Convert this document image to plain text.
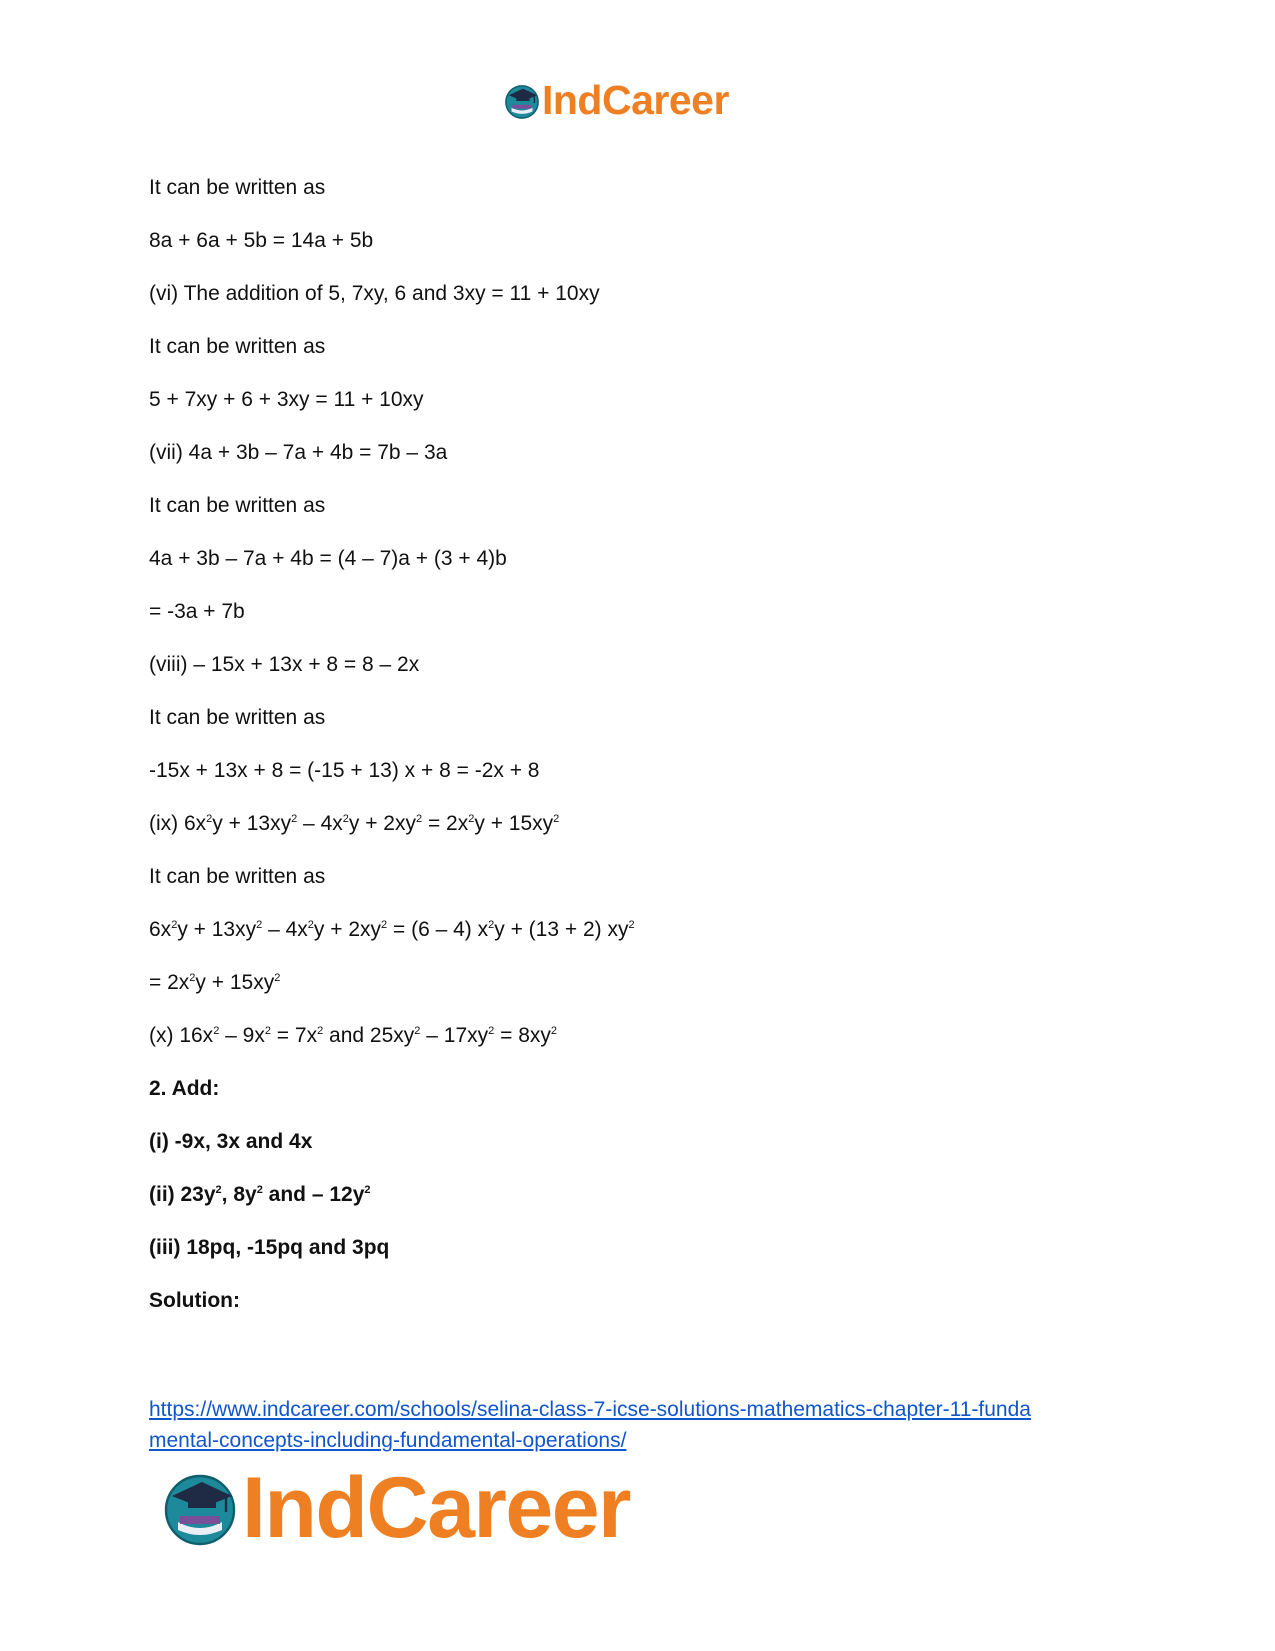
IndCareer
It can be written as
8a + 6a + 5b = 14a + 5b
(vi) The addition of 5, 7xy, 6 and 3xy = 11 + 10xy
It can be written as
5 + 7xy + 6 + 3xy = 11 + 10xy
(vii) 4a + 3b – 7a + 4b = 7b – 3a
It can be written as
4a + 3b – 7a + 4b = (4 – 7)a + (3 + 4)b
= -3a + 7b
(viii) – 15x + 13x + 8 = 8 – 2x
It can be written as
-15x + 13x + 8 = (-15 + 13) x + 8 = -2x + 8
(ix) $6x^2y + 13xy^2 - 4x^2y + 2xy^2 = 2x^2y + 15xy^2$
It can be written as
$6x^2y + 13xy^2 - 4x^2y + 2xy^2 = (6 - 4) x^2y + (13 + 2)$ $xy^2$
= $2x^2y + 15xy^2$
(x) $16x^2 - 9x^2 = 7x^2$ and $25xy^2 - 17xy^2 = 8xy^2$
2. Add:
(i) -9x, 3x and 4x
(ii) $23y^2$, $8y^2$ and – $12y^2$
(iii) 18pq, -15pq and 3pq
Solution:
https://www.indcareer.com/schools/selina-class-7-icse-solutions-mathematics-chapter-11-funda
mental-concepts-including-fundamental-operations/
IndCareer
